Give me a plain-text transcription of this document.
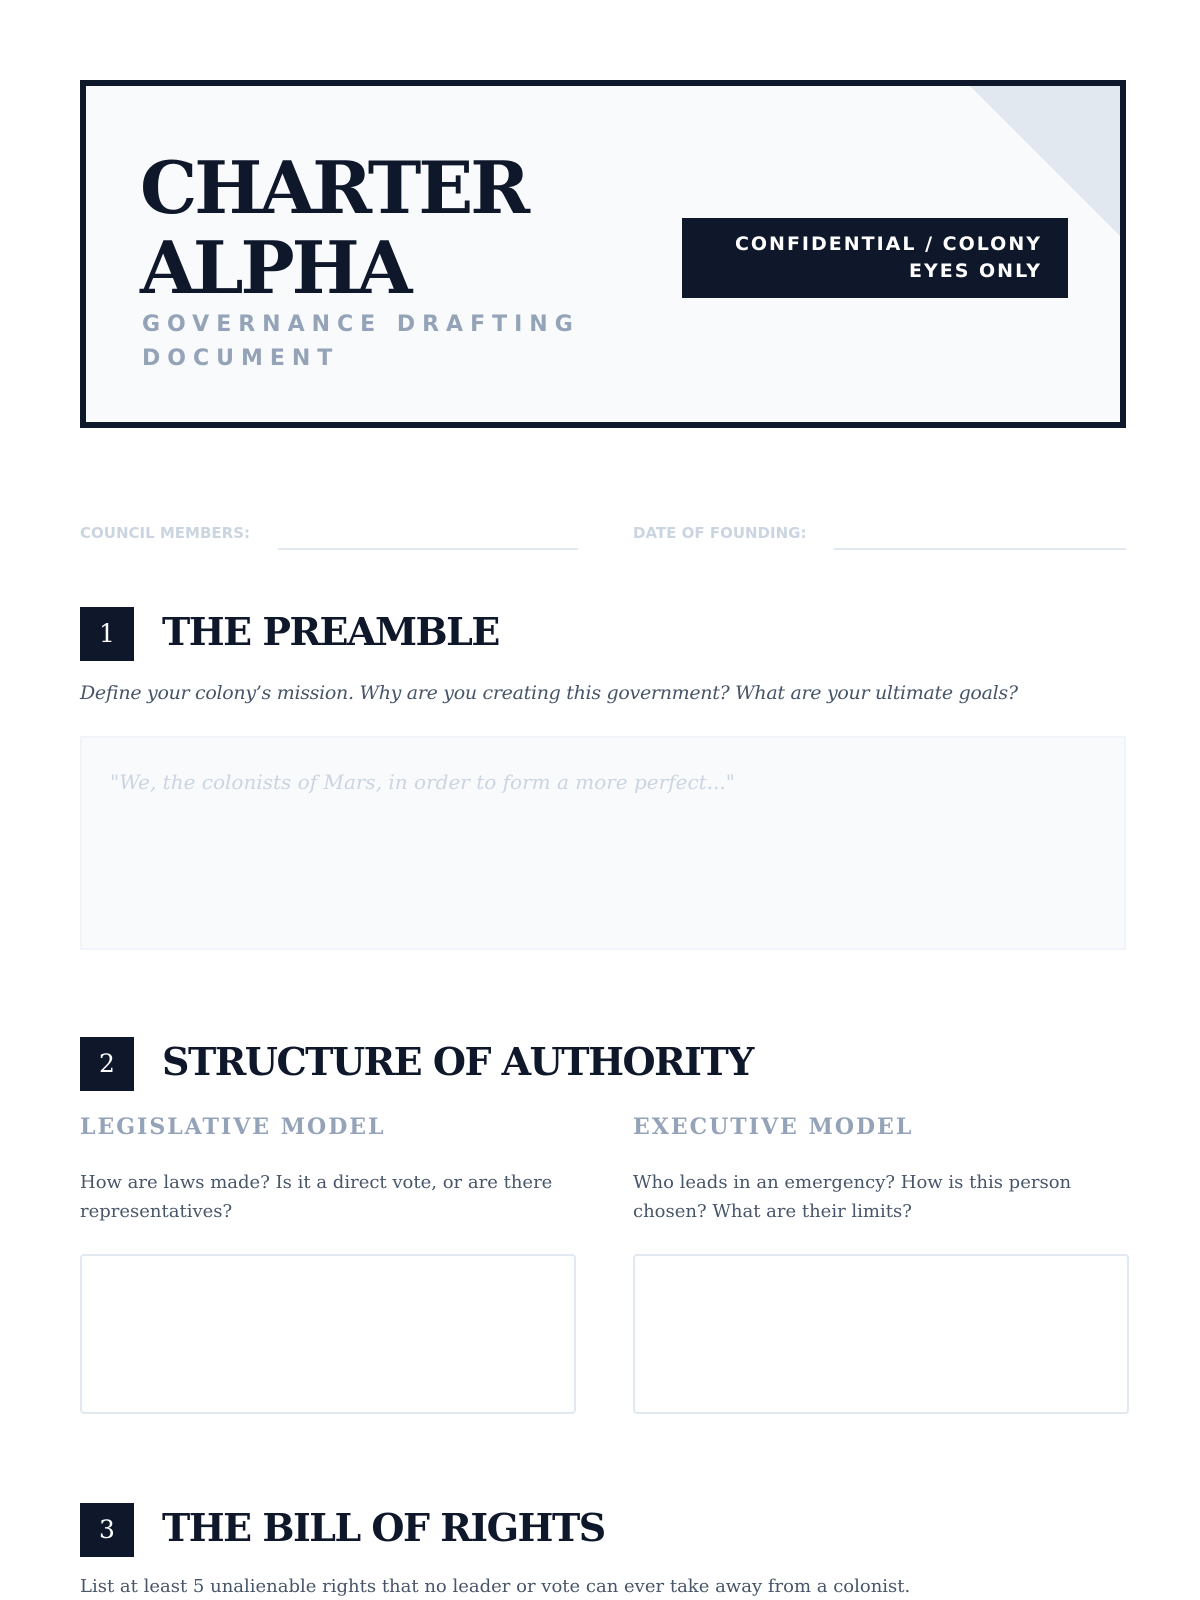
CHARTER
ALPHA
GOVERNANCE DRAFTING DOCUMENT
CONFIDENTIAL / COLONY EYES ONLY
COUNCIL MEMBERS:	DATE OF FOUNDING:
1	THE PREAMBLE
Define your colony’s mission. Why are you creating this government? What are your ultimate goals?
"We, the colonists of Mars, in order to form a more perfect..."
2	STRUCTURE OF AUTHORITY
LEGISLATIVE MODEL
How are laws made? Is it a direct vote, or are there representatives?
EXECUTIVE MODEL
Who leads in an emergency? How is this person chosen? What are their limits?
3	THE BILL OF RIGHTS
List at least 5 unalienable rights that no leader or vote can ever take away from a colonist.
